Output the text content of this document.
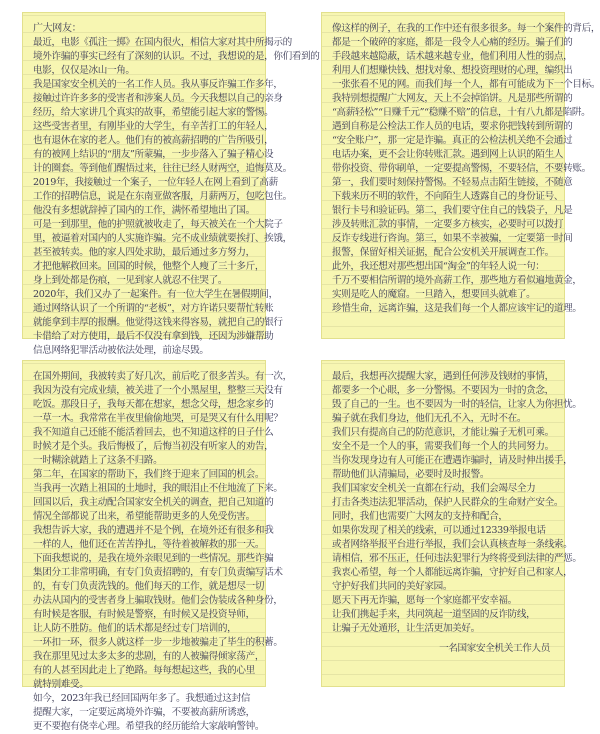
广大网友：
最近，电影《孤注一掷》在国内很火，相信大家对其中所揭示的
境外诈骗的事实已经有了深刻的认识。不过，我想说的是，你们看到的
电影，仅仅是冰山一角。
我是国家安全机关的一名工作人员。我从事反诈骗工作多年，
接触过许许多多的受害者和涉案人员。今天我想以自己的亲身
经历，给大家讲几个真实的故事，希望能引起大家的警惕。
这些受害者里，有刚毕业的大学生，有辛苦打工的年轻人，
也有退休在家的老人。他们有的被高薪招聘的广告所吸引，
有的被网上结识的“朋友”所蒙骗，一步步落入了骗子精心设
计的圈套。等到他们醒悟过来，往往已经人财两空，追悔莫及。
2019年，我接触过一个案子，一位年轻人在网上看到了高薪
工作的招聘信息，说是在东南亚做客服，月薪两万，包吃包住。
他没有多想就辞掉了国内的工作，满怀希望地出了国。
可是一到那里，他的护照就被收走了，每天被关在一个大院子
里，被逼着对国内的人实施诈骗。完不成业绩就要挨打、挨饿，
甚至被转卖。他的家人四处求助，最后通过多方努力，
才把他解救回来。回国的时候，他整个人瘦了三十多斤，
身上到处都是伤痕，一见到家人就忍不住哭了。
2020年，我们又办了一起案件。有一位大学生在暑假期间，
通过网络认识了一个所谓的“老板”，对方许诺只要帮忙转账
就能拿到丰厚的报酬。他觉得这钱来得容易，就把自己的银行
卡借给了对方使用，最后不仅没有拿到钱，还因为涉嫌帮助
信息网络犯罪活动被依法处理，前途尽毁。
像这样的例子，在我的工作中还有很多很多。每一个案件的背后，
都是一个破碎的家庭，都是一段令人心痛的经历。骗子们的
手段越来越隐蔽，话术越来越专业，他们利用人性的弱点，
利用人们想赚快钱、想找对象、想投资理财的心理，编织出
一张张看不见的网。而我们每一个人，都有可能成为下一个目标。
我特别想提醒广大网友，天上不会掉馅饼。凡是那些所谓的
“高薪轻松”“日赚千元”“稳赚不赔”的信息，十有八九都是陷阱。
遇到自称是公检法工作人员的电话，要求你把钱转到所谓的
“安全账户”，那一定是诈骗。真正的公检法机关绝不会通过
电话办案，更不会让你转账汇款。遇到网上认识的陌生人
带你投资、带你刷单，一定要提高警惕，不要轻信，不要转账。
第一，我们要时刻保持警惕。不轻易点击陌生链接，不随意
下载来历不明的软件，不向陌生人透露自己的身份证号、
银行卡号和验证码。第二，我们要守住自己的钱袋子，凡是
涉及转账汇款的事情，一定要多方核实，必要时可以拨打
反诈专线进行咨询。第三，如果不幸被骗，一定要第一时间
报警，保留好相关证据，配合公安机关开展调查工作。
此外，我还想对那些想出国“淘金”的年轻人说一句：
千万不要相信所谓的境外高薪工作，那些地方看似遍地黄金，
实则是吃人的魔窟。一旦踏入，想要回头就难了。
珍惜生命，远离诈骗，这是我们每一个人都应该牢记的道理。
在国外期间，我被转卖了好几次，前后吃了很多苦头。有一次，
我因为没有完成业绩，被关进了一个小黑屋里，整整三天没有
吃饭。那段日子，我每天都在想家，想念父母，想念家乡的
一草一木。我常常在半夜里偷偷地哭，可是哭又有什么用呢？
我不知道自己还能不能活着回去，也不知道这样的日子什么
时候才是个头。我后悔极了，后悔当初没有听家人的劝告，
一时糊涂就踏上了这条不归路。
第二年，在国家的帮助下，我们终于迎来了回国的机会。
当我再一次踏上祖国的土地时，我的眼泪止不住地流了下来。
回国以后，我主动配合国家安全机关的调查，把自己知道的
情况全部都说了出来，希望能帮助更多的人免受伤害。
我想告诉大家，我的遭遇并不是个例，在境外还有很多和我
一样的人，他们还在苦苦挣扎，等待着被解救的那一天。
下面我想说的，是我在境外亲眼见到的一些情况。那些诈骗
集团分工非常明确，有专门负责招聘的，有专门负责编写话术
的，有专门负责洗钱的。他们每天的工作，就是想尽一切
办法从国内的受害者身上骗取钱财。他们会伪装成各种身份，
有时候是客服，有时候是警察，有时候又是投资导师，
让人防不胜防。他们的话术都是经过专门培训的，
一环扣一环，很多人就这样一步一步地被骗走了毕生的积蓄。
我在那里见过太多太多的悲剧，有的人被骗得倾家荡产，
有的人甚至因此走上了绝路。每每想起这些，我的心里
就特别难受。
如今，2023年我已经回国两年多了。我想通过这封信
提醒大家，一定要远离境外诈骗，不要被高薪所诱惑，
更不要抱有侥幸心理。希望我的经历能给大家敲响警钟。
最后，我想再次提醒大家，遇到任何涉及钱财的事情，
都要多一个心眼，多一分警惕。不要因为一时的贪念，
毁了自己的一生。也不要因为一时的轻信，让家人为你担忧。
骗子就在我们身边，他们无孔不入，无时不在。
我们只有提高自己的防范意识，才能让骗子无机可乘。
安全不是一个人的事，需要我们每一个人的共同努力。
当你发现身边有人可能正在遭遇诈骗时，请及时伸出援手，
帮助他们认清骗局，必要时及时报警。
我们国家安全机关一直都在行动，我们会竭尽全力
打击各类违法犯罪活动，保护人民群众的生命财产安全。
同时，我们也需要广大网友的支持和配合，
如果你发现了相关的线索，可以通过12339举报电话
或者网络举报平台进行举报，我们会认真核查每一条线索。
请相信，邪不压正，任何违法犯罪行为终将受到法律的严惩。
我衷心希望，每一个人都能远离诈骗，守护好自己和家人，
守护好我们共同的美好家园。
愿天下再无诈骗，愿每一个家庭都平安幸福。
让我们携起手来，共同筑起一道坚固的反诈防线，
让骗子无处遁形，让生活更加美好。
一名国家安全机关工作人员
